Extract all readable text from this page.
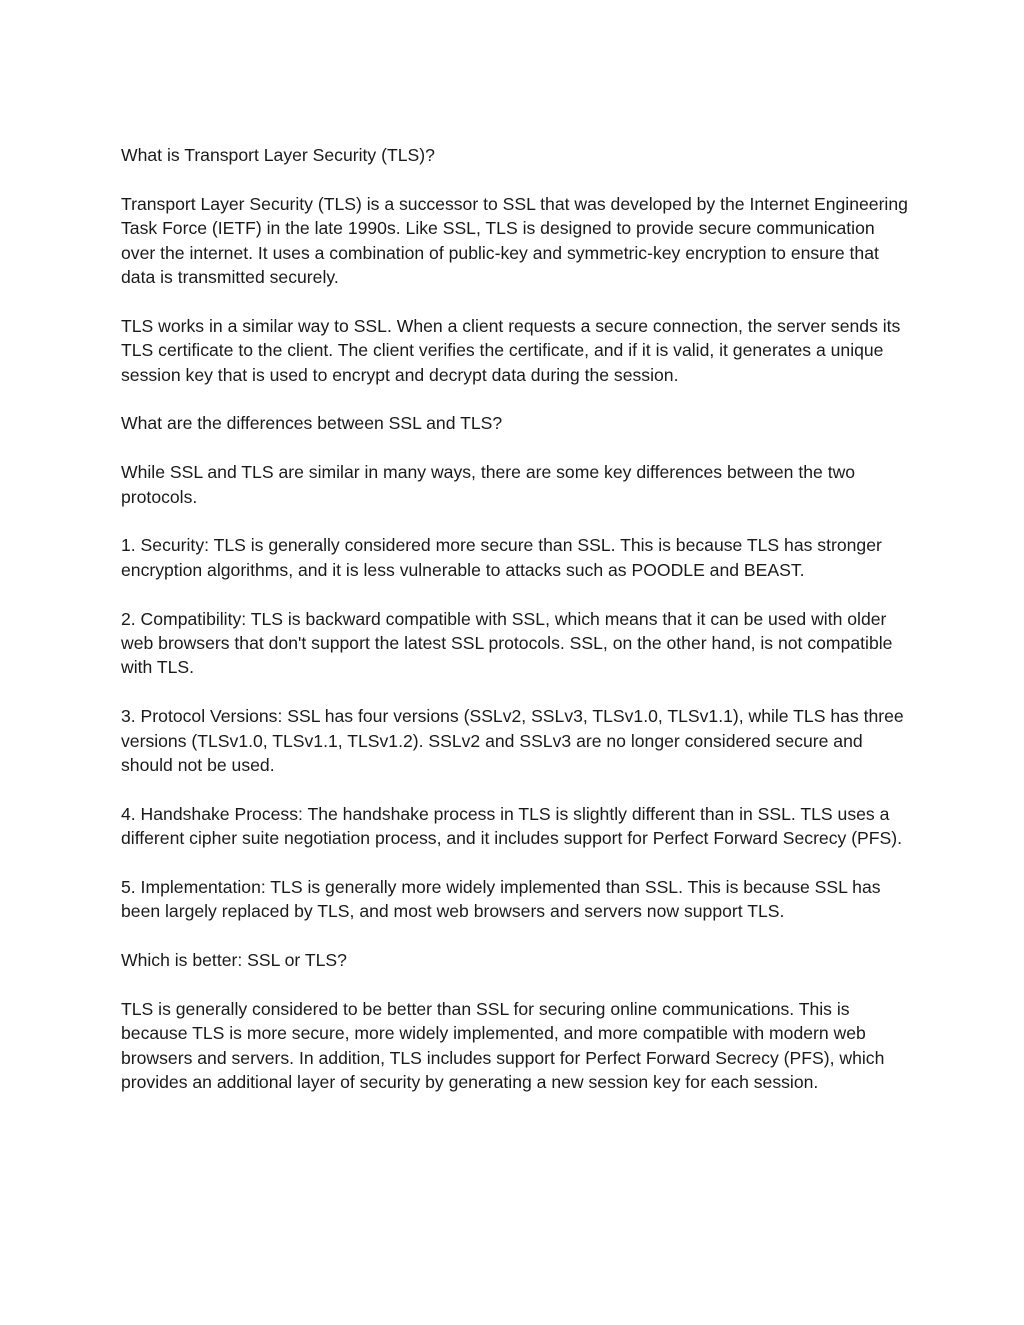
What is Transport Layer Security (TLS)?

Transport Layer Security (TLS) is a successor to SSL that was developed by the Internet Engineering Task Force (IETF) in the late 1990s. Like SSL, TLS is designed to provide secure communication over the internet. It uses a combination of public-key and symmetric-key encryption to ensure that data is transmitted securely.

TLS works in a similar way to SSL. When a client requests a secure connection, the server sends its TLS certificate to the client. The client verifies the certificate, and if it is valid, it generates a unique session key that is used to encrypt and decrypt data during the session.

What are the differences between SSL and TLS?

While SSL and TLS are similar in many ways, there are some key differences between the two protocols.

1. Security: TLS is generally considered more secure than SSL. This is because TLS has stronger encryption algorithms, and it is less vulnerable to attacks such as POODLE and BEAST.

2. Compatibility: TLS is backward compatible with SSL, which means that it can be used with older web browsers that don't support the latest SSL protocols. SSL, on the other hand, is not compatible with TLS.

3. Protocol Versions: SSL has four versions (SSLv2, SSLv3, TLSv1.0, TLSv1.1), while TLS has three versions (TLSv1.0, TLSv1.1, TLSv1.2). SSLv2 and SSLv3 are no longer considered secure and should not be used.

4. Handshake Process: The handshake process in TLS is slightly different than in SSL. TLS uses a different cipher suite negotiation process, and it includes support for Perfect Forward Secrecy (PFS).

5. Implementation: TLS is generally more widely implemented than SSL. This is because SSL has been largely replaced by TLS, and most web browsers and servers now support TLS.

Which is better: SSL or TLS?

TLS is generally considered to be better than SSL for securing online communications. This is because TLS is more secure, more widely implemented, and more compatible with modern web browsers and servers. In addition, TLS includes support for Perfect Forward Secrecy (PFS), which provides an additional layer of security by generating a new session key for each session.
